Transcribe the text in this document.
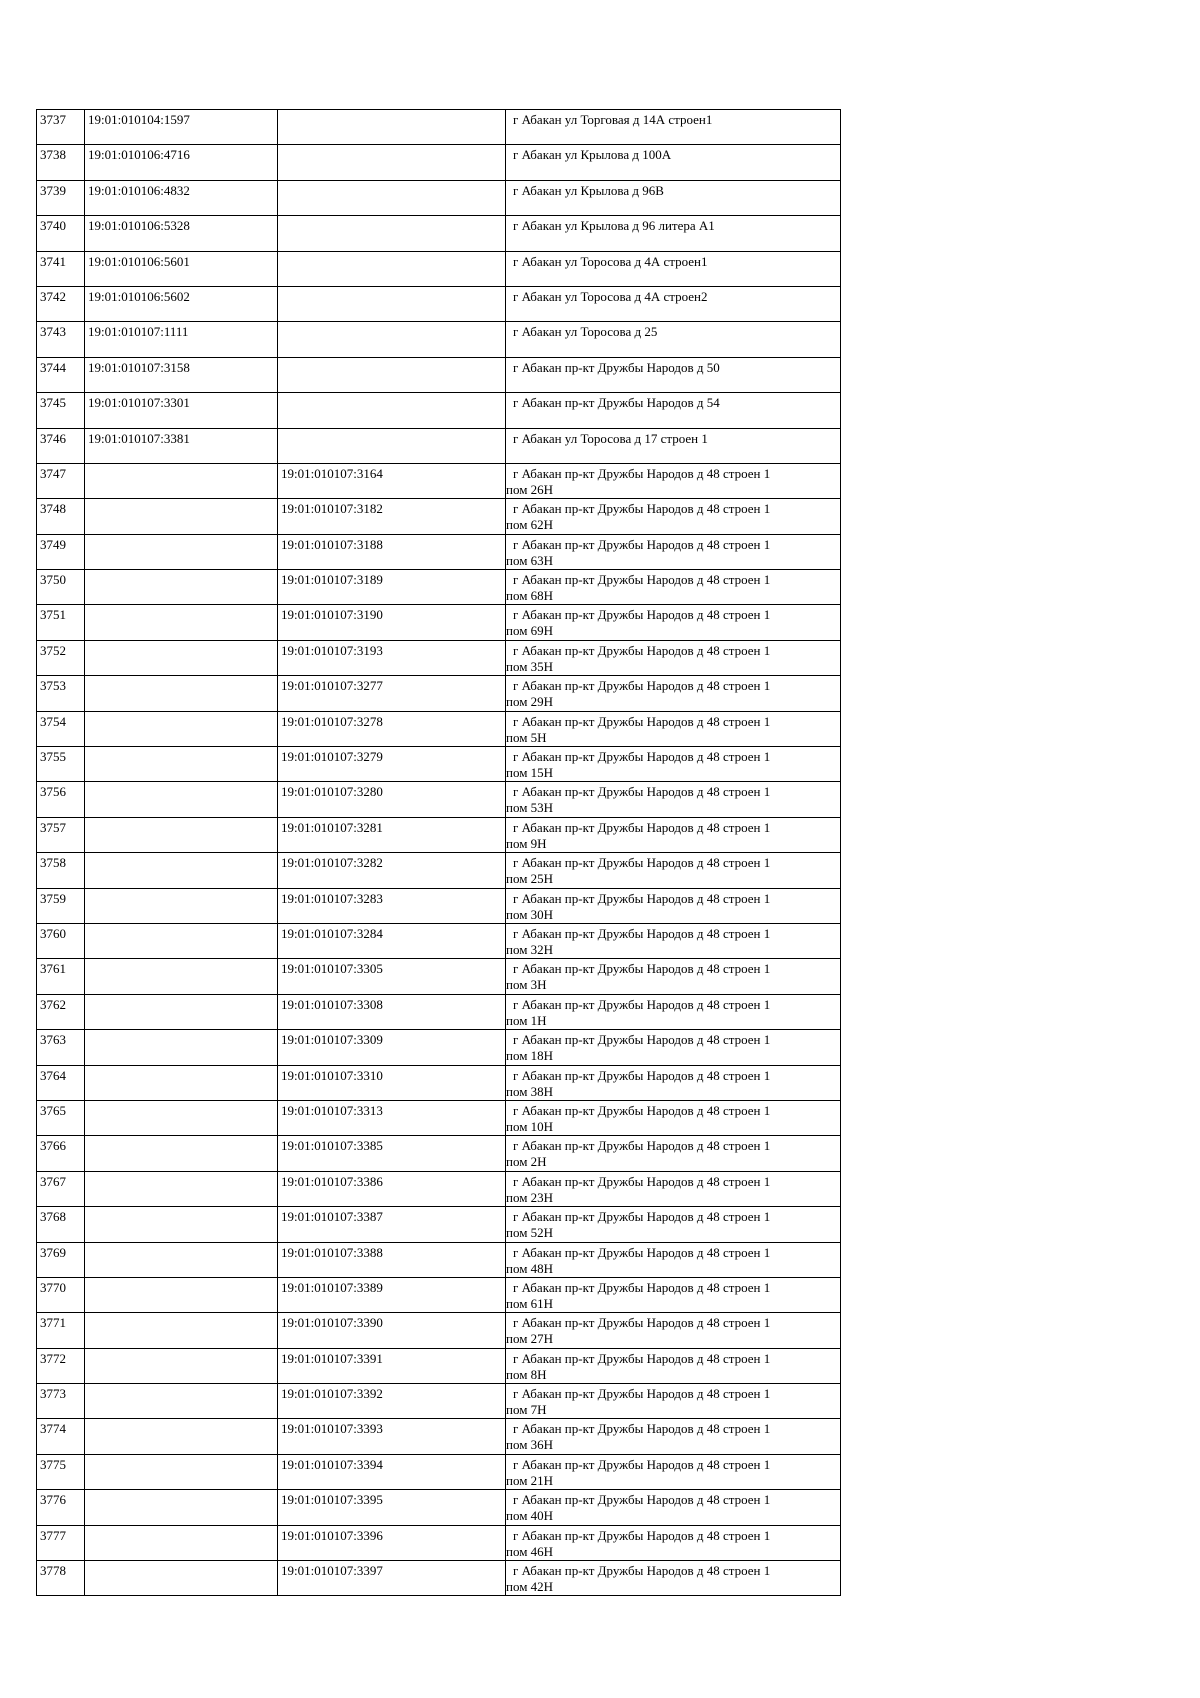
3737	19:01:010104:1597		г Абакан ул Торговая д 14А строен1

3738	19:01:010106:4716		г Абакан ул Крылова д 100А

3739	19:01:010106:4832		г Абакан ул Крылова д 96В

3740	19:01:010106:5328		г Абакан ул Крылова д 96 литера А1

3741	19:01:010106:5601		г Абакан ул Торосова д 4А строен1

3742	19:01:010106:5602		г Абакан ул Торосова д 4А строен2

3743	19:01:010107:1111		г Абакан ул Торосова д 25

3744	19:01:010107:3158		г Абакан пр-кт Дружбы Народов д 50

3745	19:01:010107:3301		г Абакан пр-кт Дружбы Народов д 54

3746	19:01:010107:3381		г Абакан ул Торосова д 17 строен 1

3747		19:01:010107:3164	г Абакан пр-кт Дружбы Народов д 48 строен 1
пом 26Н

3748		19:01:010107:3182	г Абакан пр-кт Дружбы Народов д 48 строен 1
пом 62Н

3749		19:01:010107:3188	г Абакан пр-кт Дружбы Народов д 48 строен 1
пом 63Н

3750		19:01:010107:3189	г Абакан пр-кт Дружбы Народов д 48 строен 1
пом 68Н

3751		19:01:010107:3190	г Абакан пр-кт Дружбы Народов д 48 строен 1
пом 69Н

3752		19:01:010107:3193	г Абакан пр-кт Дружбы Народов д 48 строен 1
пом 35Н

3753		19:01:010107:3277	г Абакан пр-кт Дружбы Народов д 48 строен 1
пом 29Н

3754		19:01:010107:3278	г Абакан пр-кт Дружбы Народов д 48 строен 1
пом 5Н

3755		19:01:010107:3279	г Абакан пр-кт Дружбы Народов д 48 строен 1
пом 15Н

3756		19:01:010107:3280	г Абакан пр-кт Дружбы Народов д 48 строен 1
пом 53Н

3757		19:01:010107:3281	г Абакан пр-кт Дружбы Народов д 48 строен 1
пом 9Н

3758		19:01:010107:3282	г Абакан пр-кт Дружбы Народов д 48 строен 1
пом 25Н

3759		19:01:010107:3283	г Абакан пр-кт Дружбы Народов д 48 строен 1
пом 30Н

3760		19:01:010107:3284	г Абакан пр-кт Дружбы Народов д 48 строен 1
пом 32Н

3761		19:01:010107:3305	г Абакан пр-кт Дружбы Народов д 48 строен 1
пом 3Н

3762		19:01:010107:3308	г Абакан пр-кт Дружбы Народов д 48 строен 1
пом 1Н

3763		19:01:010107:3309	г Абакан пр-кт Дружбы Народов д 48 строен 1
пом 18Н

3764		19:01:010107:3310	г Абакан пр-кт Дружбы Народов д 48 строен 1
пом 38Н

3765		19:01:010107:3313	г Абакан пр-кт Дружбы Народов д 48 строен 1
пом 10Н

3766		19:01:010107:3385	г Абакан пр-кт Дружбы Народов д 48 строен 1
пом 2Н

3767		19:01:010107:3386	г Абакан пр-кт Дружбы Народов д 48 строен 1
пом 23Н

3768		19:01:010107:3387	г Абакан пр-кт Дружбы Народов д 48 строен 1
пом 52Н

3769		19:01:010107:3388	г Абакан пр-кт Дружбы Народов д 48 строен 1
пом 48Н

3770		19:01:010107:3389	г Абакан пр-кт Дружбы Народов д 48 строен 1
пом 61Н

3771		19:01:010107:3390	г Абакан пр-кт Дружбы Народов д 48 строен 1
пом 27Н

3772		19:01:010107:3391	г Абакан пр-кт Дружбы Народов д 48 строен 1
пом 8Н

3773		19:01:010107:3392	г Абакан пр-кт Дружбы Народов д 48 строен 1
пом 7Н

3774		19:01:010107:3393	г Абакан пр-кт Дружбы Народов д 48 строен 1
пом 36Н

3775		19:01:010107:3394	г Абакан пр-кт Дружбы Народов д 48 строен 1
пом 21Н

3776		19:01:010107:3395	г Абакан пр-кт Дружбы Народов д 48 строен 1
пом 40Н

3777		19:01:010107:3396	г Абакан пр-кт Дружбы Народов д 48 строен 1
пом 46Н

3778		19:01:010107:3397	г Абакан пр-кт Дружбы Народов д 48 строен 1
пом 42Н
